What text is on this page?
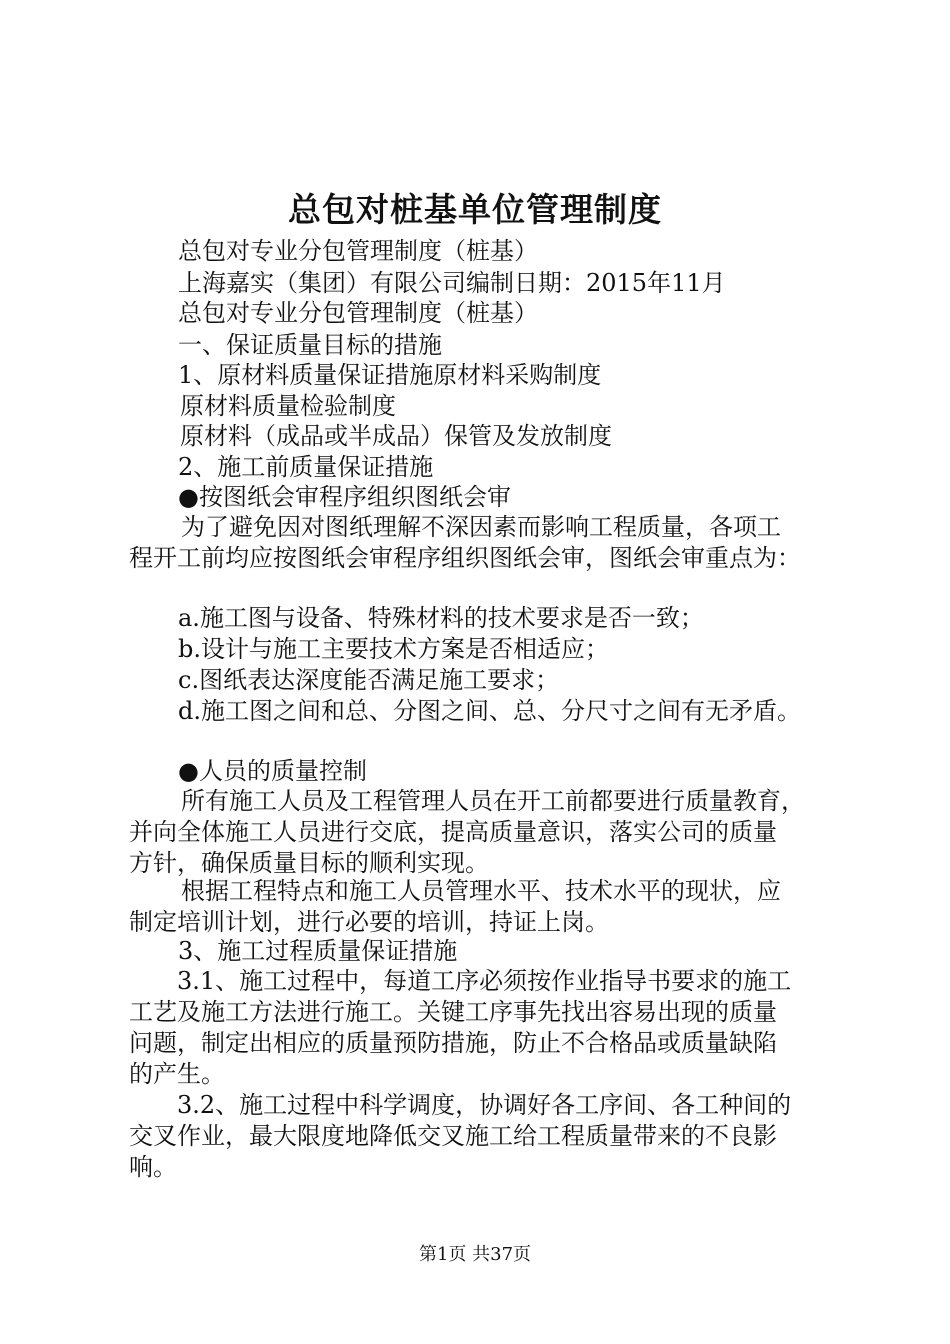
总包对桩基单位管理制度
总包对专业分包管理制度（桩基）
上海嘉实（集团）有限公司编制日期：2015年11月
总包对专业分包管理制度（桩基）
一、保证质量目标的措施
1、原材料质量保证措施原材料采购制度
原材料质量检验制度
原材料（成品或半成品）保管及发放制度
2、施工前质量保证措施
●按图纸会审程序组织图纸会审
　为了避免因对图纸理解不深因素而影响工程质量，各项工
程开工前均应按图纸会审程序组织图纸会审，图纸会审重点为：
a.施工图与设备、特殊材料的技术要求是否一致；
b.设计与施工主要技术方案是否相适应；
c.图纸表达深度能否满足施工要求；
d.施工图之间和总、分图之间、总、分尺寸之间有无矛盾。
●人员的质量控制
　所有施工人员及工程管理人员在开工前都要进行质量教育，
并向全体施工人员进行交底，提高质量意识，落实公司的质量
方针，确保质量目标的顺利实现。
　根据工程特点和施工人员管理水平、技术水平的现状，应
制定培训计划，进行必要的培训，持证上岗。
3、施工过程质量保证措施
3.1、施工过程中，每道工序必须按作业指导书要求的施工
工艺及施工方法进行施工。关键工序事先找出容易出现的质量
问题，制定出相应的质量预防措施，防止不合格品或质量缺陷
的产生。
3.2、施工过程中科学调度，协调好各工序间、各工种间的
交叉作业，最大限度地降低交叉施工给工程质量带来的不良影
响。
第1页 共37页
